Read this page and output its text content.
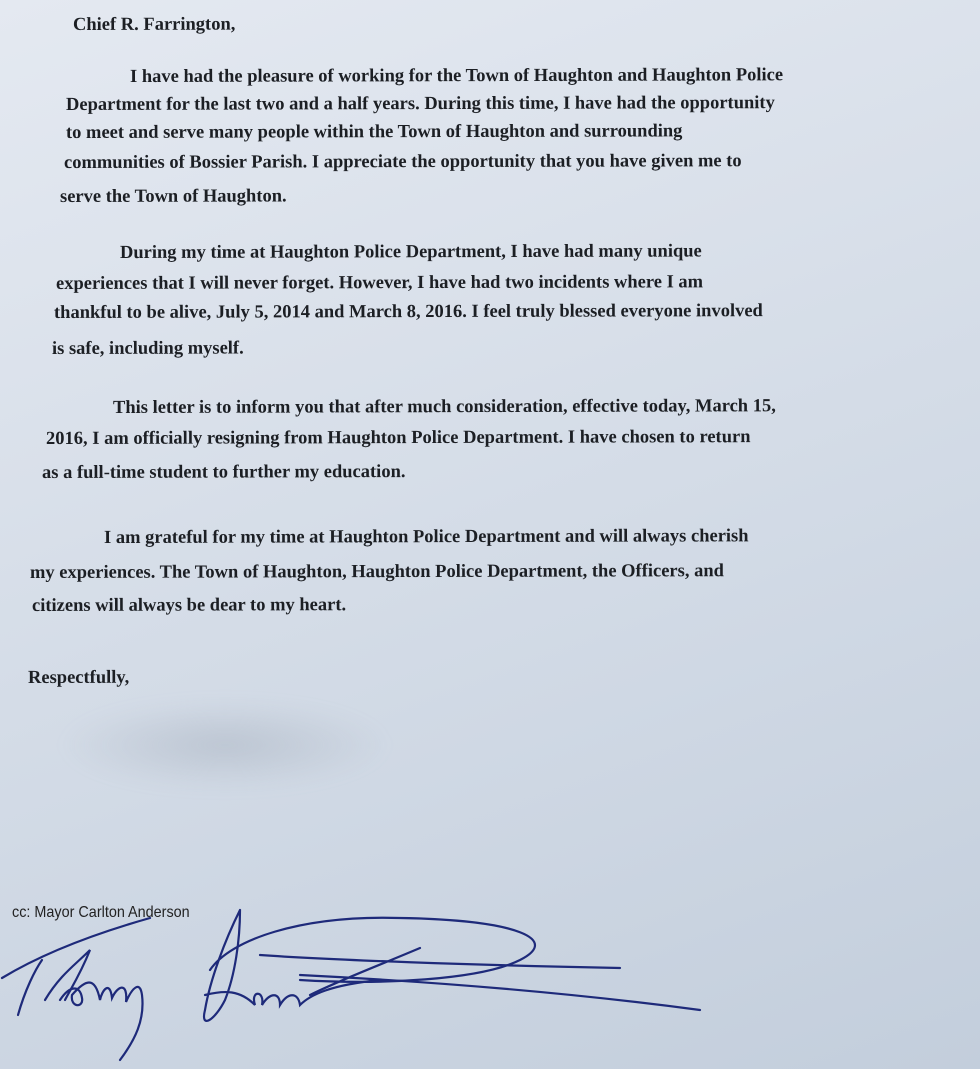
Chief R. Farrington,
I have had the pleasure of working for the Town of Haughton and Haughton Police
Department for the last two and a half years. During this time, I have had the opportunity
to meet and serve many people within the Town of Haughton and surrounding
communities of Bossier Parish. I appreciate the opportunity that you have given me to
serve the Town of Haughton.
During my time at Haughton Police Department, I have had many unique
experiences that I will never forget. However, I have had two incidents where I am
thankful to be alive, July 5, 2014 and March 8, 2016. I feel truly blessed everyone involved
is safe, including myself.
This letter is to inform you that after much consideration, effective today, March 15,
2016, I am officially resigning from Haughton Police Department. I have chosen to return
as a full-time student to further my education.
I am grateful for my time at Haughton Police Department and will always cherish
my experiences. The Town of Haughton, Haughton Police Department, the Officers, and
citizens will always be dear to my heart.
Respectfully,
cc: Mayor Carlton Anderson
